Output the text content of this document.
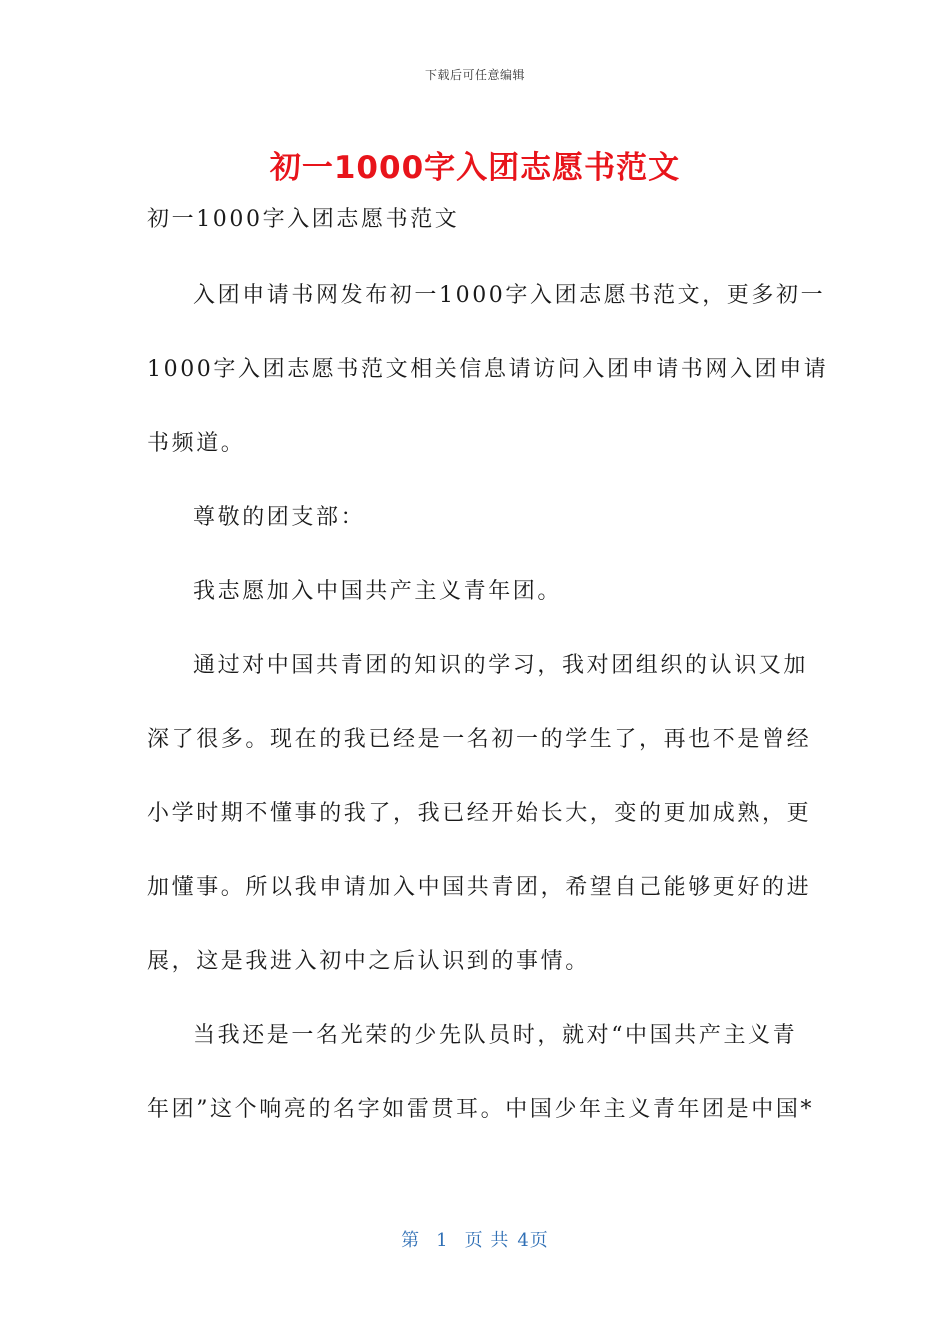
下载后可任意编辑
初一1000字入团志愿书范文
初一1000字入团志愿书范文
入团申请书网发布初一1000字入团志愿书范文，更多初一
1000字入团志愿书范文相关信息请访问入团申请书网入团申请
书频道。
尊敬的团支部：
我志愿加入中国共产主义青年团。
通过对中国共青团的知识的学习，我对团组织的认识又加
深了很多。现在的我已经是一名初一的学生了，再也不是曾经
小学时期不懂事的我了，我已经开始长大，变的更加成熟，更
加懂事。所以我申请加入中国共青团，希望自己能够更好的进
展，这是我进入初中之后认识到的事情。
当我还是一名光荣的少先队员时，就对“中国共产主义青
年团”这个响亮的名字如雷贯耳。中国少年主义青年团是中国*
第 1 页 共 4页
